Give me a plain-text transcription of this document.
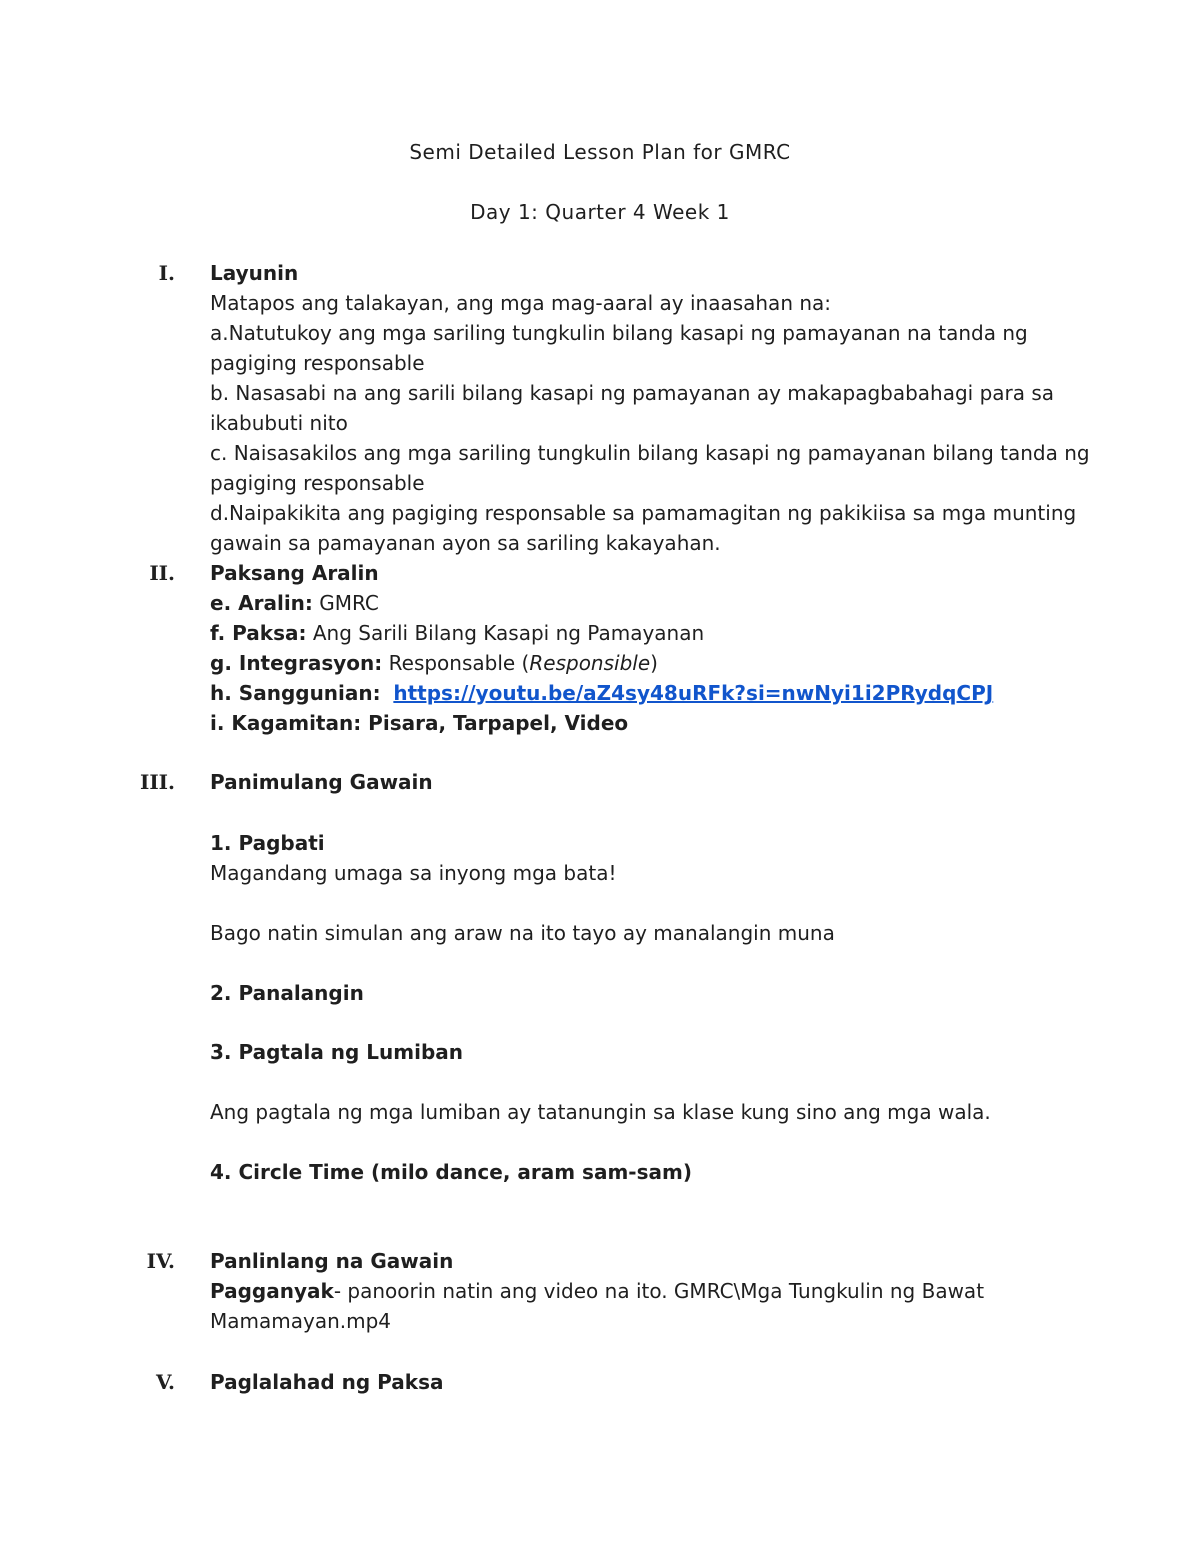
Semi Detailed Lesson Plan for GMRC
Day 1: Quarter 4 Week 1
I. Layunin
Matapos ang talakayan, ang mga mag-aaral ay inaasahan na:
a.Natutukoy ang mga sariling tungkulin bilang kasapi ng pamayanan na tanda ng
pagiging responsable
b. Nasasabi na ang sarili bilang kasapi ng pamayanan ay makapagbabahagi para sa
ikabubuti nito
c. Naisasakilos ang mga sariling tungkulin bilang kasapi ng pamayanan bilang tanda ng
pagiging responsable
d.Naipakikita ang pagiging responsable sa pamamagitan ng pakikiisa sa mga munting
gawain sa pamayanan ayon sa sariling kakayahan.
II. Paksang Aralin
e. Aralin: GMRC
f. Paksa: Ang Sarili Bilang Kasapi ng Pamayanan
g. Integrasyon: Responsable (Responsible)
h. Sanggunian: https://youtu.be/aZ4sy48uRFk?si=nwNyi1i2PRydqCPJ
i. Kagamitan: Pisara, Tarpapel, Video
III. Panimulang Gawain
1. Pagbati
Magandang umaga sa inyong mga bata!
Bago natin simulan ang araw na ito tayo ay manalangin muna
2. Panalangin
3. Pagtala ng Lumiban
Ang pagtala ng mga lumiban ay tatanungin sa klase kung sino ang mga wala.
4. Circle Time (milo dance, aram sam-sam)
IV. Panlinlang na Gawain
Pagganyak- panoorin natin ang video na ito. GMRC\Mga Tungkulin ng Bawat
Mamamayan.mp4
V. Paglalahad ng Paksa
